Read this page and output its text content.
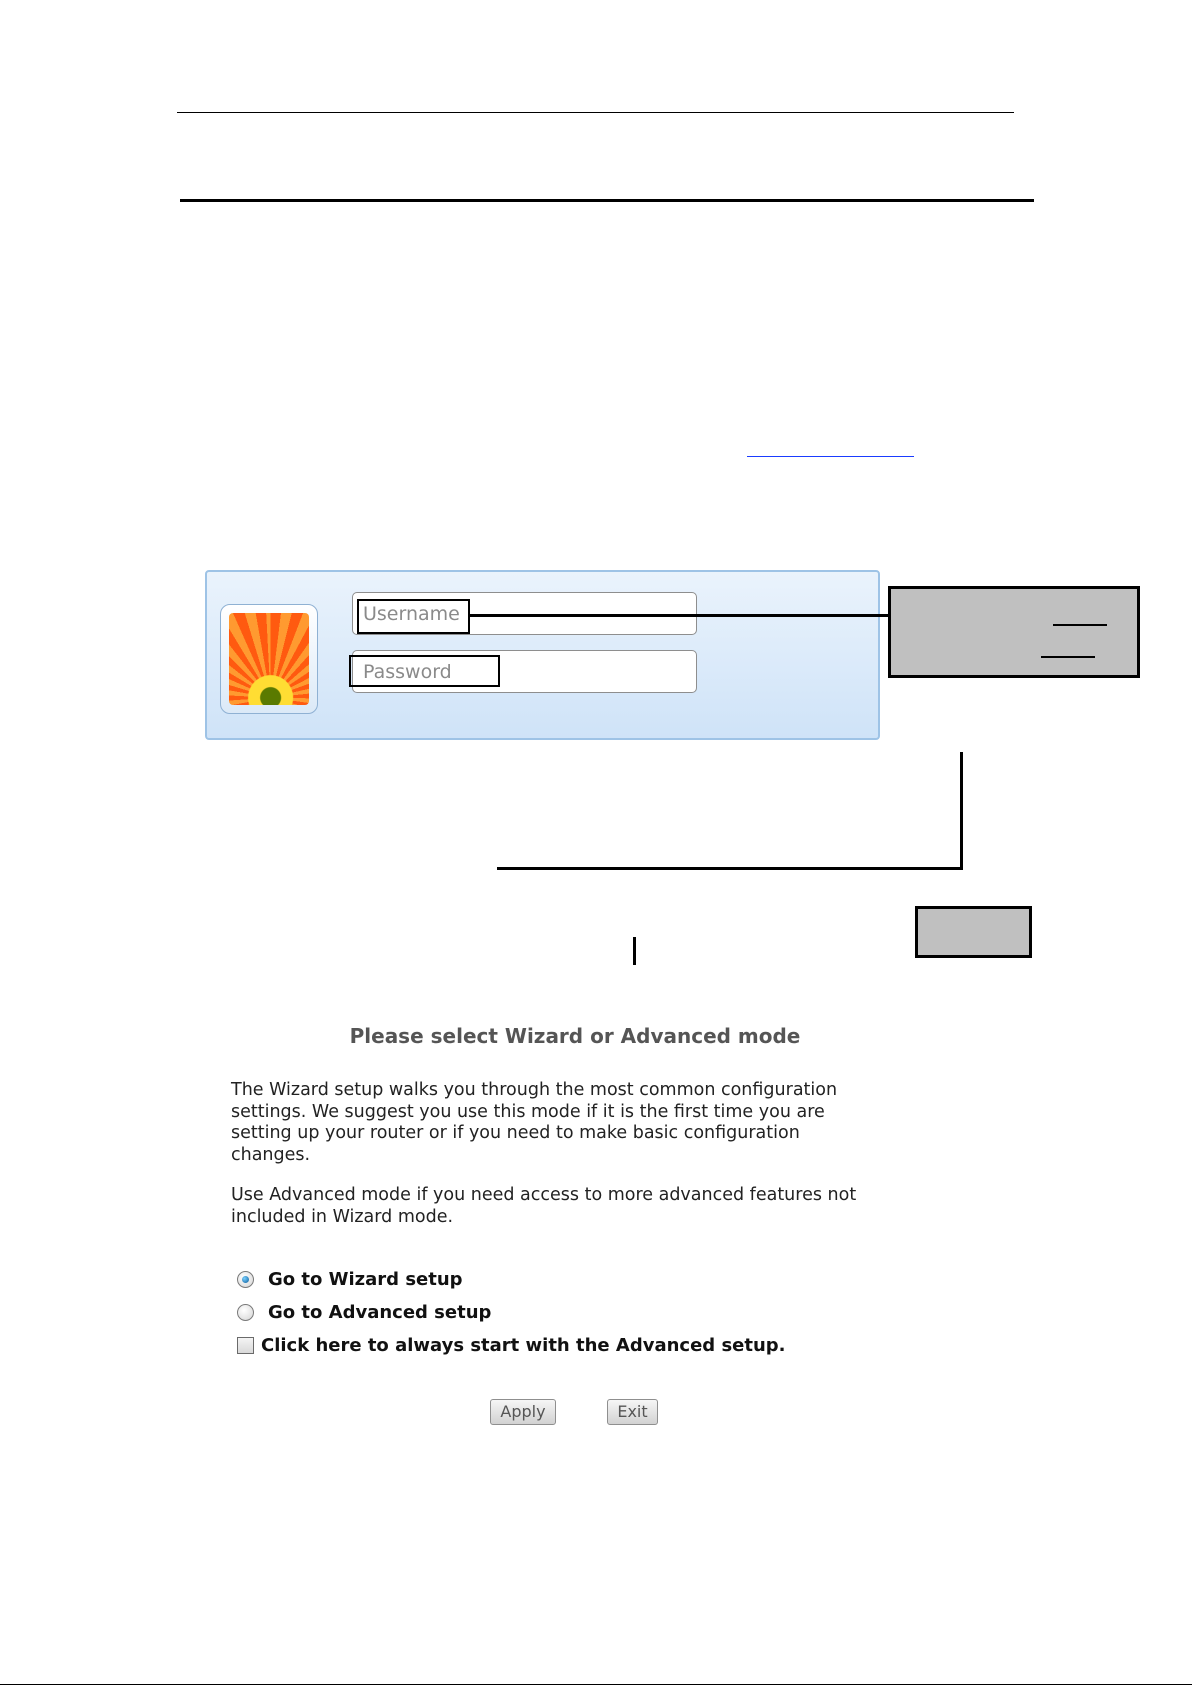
Username
Please select Wizard or Advanced mode

The Wizard setup walks you through the most common configuration
settings. We suggest you use this mode if it is the first time you are
setting up your router or if you need to make basic configuration
changes.

Use Advanced mode if you need access to more advanced features not
included in Wizard mode.

Go to Wizard setup
Go to Advanced setup
Click here to always start with the Advanced setup.
Apply	Exit
